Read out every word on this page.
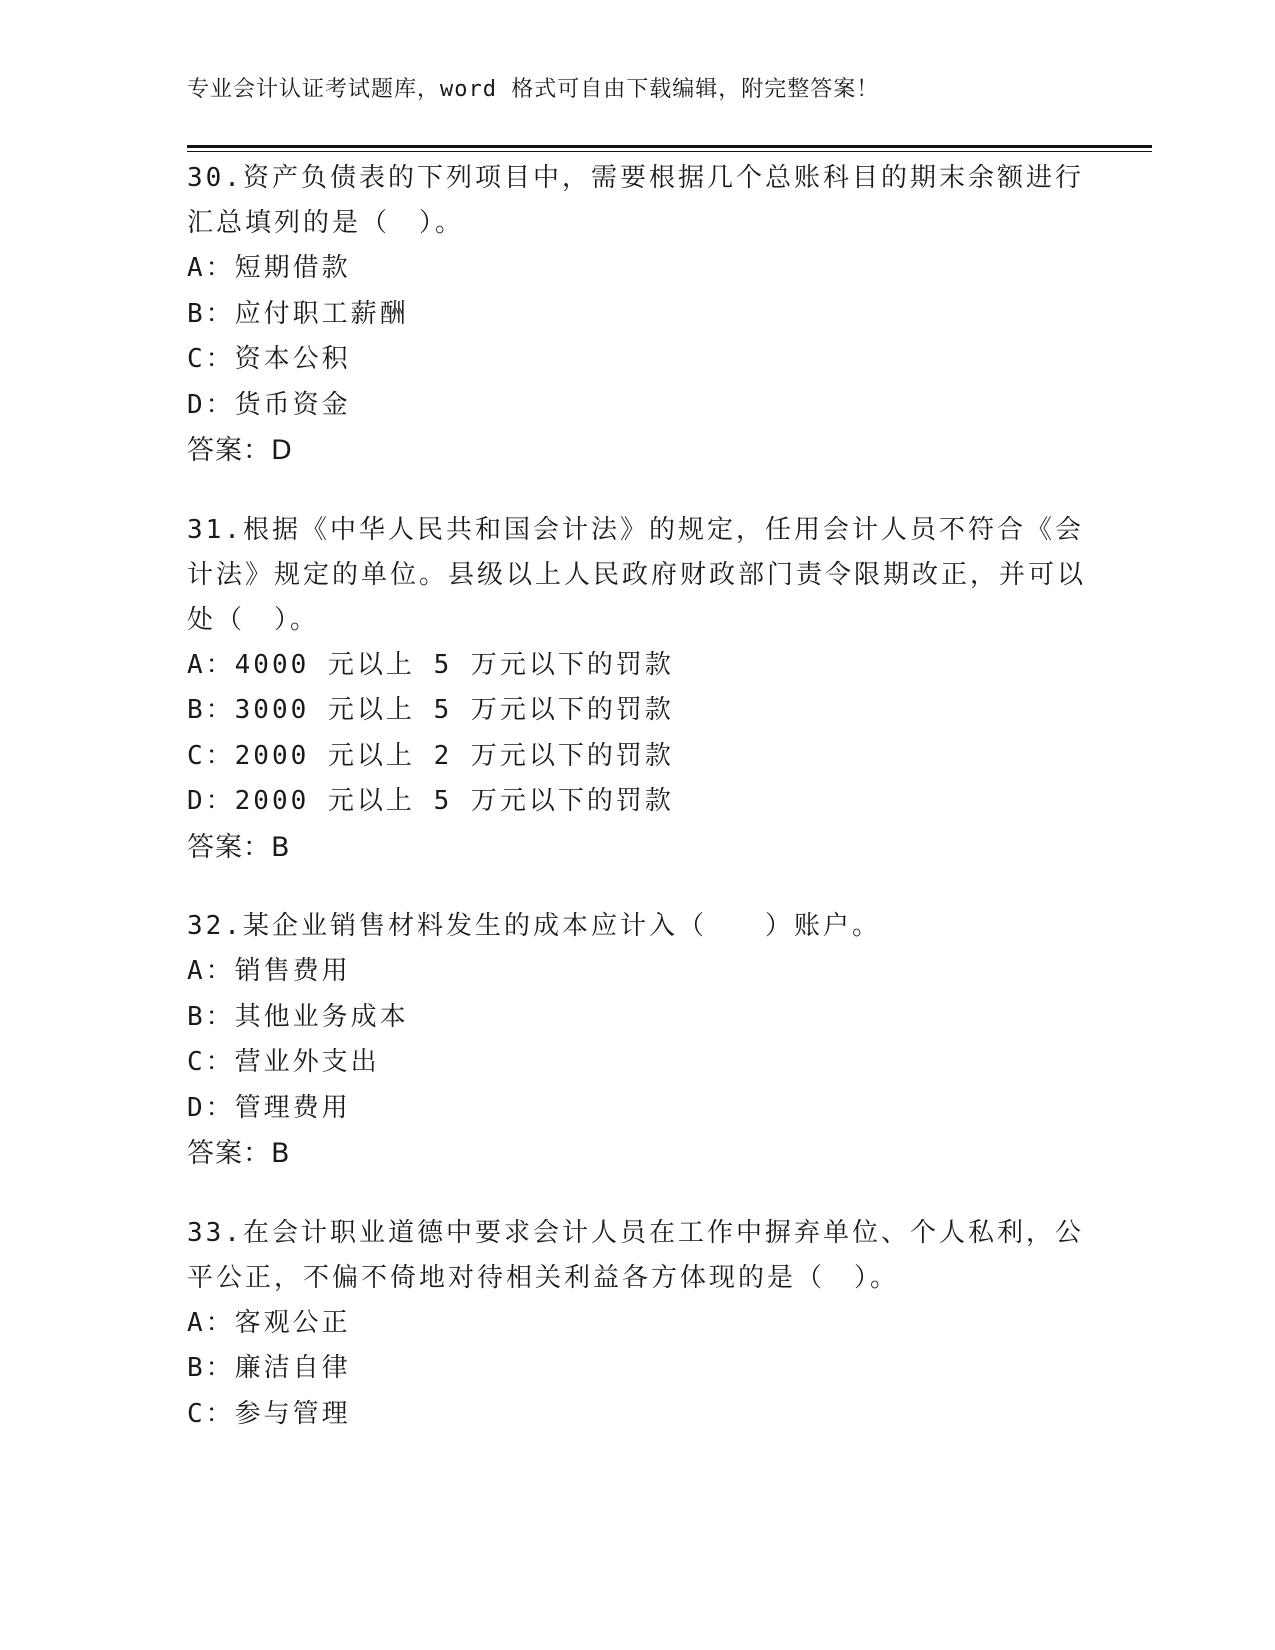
专业会计认证考试题库，word 格式可自由下载编辑，附完整答案！

30.资产负债表的下列项目中，需要根据几个总账科目的期末余额进行汇总填列的是（　）。

A：短期借款

B：应付职工薪酬

C：资本公积

D：货币资金

答案：D

31.根据《中华人民共和国会计法》的规定，任用会计人员不符合《会计法》规定的单位。县级以上人民政府财政部门责令限期改正，并可以处（　）。

A：4000 元以上 5 万元以下的罚款

B：3000 元以上 5 万元以下的罚款

C：2000 元以上 2 万元以下的罚款

D：2000 元以上 5 万元以下的罚款

答案：B

32.某企业销售材料发生的成本应计入（　　）账户。

A：销售费用

B：其他业务成本

C：营业外支出

D：管理费用

答案：B

33.在会计职业道德中要求会计人员在工作中摒弃单位、个人私利，公平公正，不偏不倚地对待相关利益各方体现的是（　）。

A：客观公正

B：廉洁自律

C：参与管理
